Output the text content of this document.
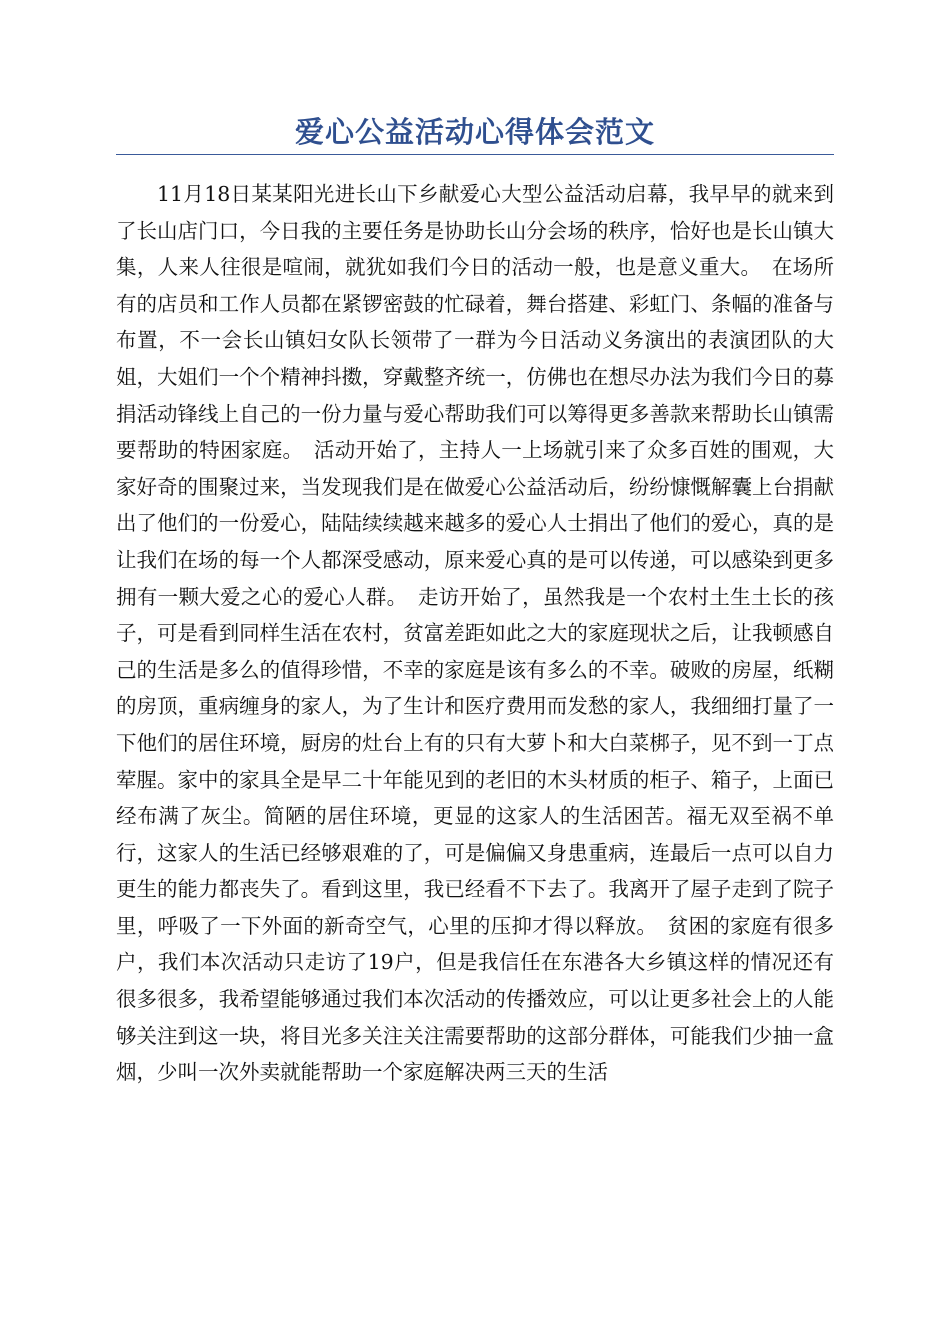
爱心公益活动心得体会范文

11月18日某某阳光进长山下乡献爱心大型公益活动启幕，我早早的就来到了长山店门口，今日我的主要任务是协助长山分会场的秩序，恰好也是长山镇大集，人来人往很是喧闹，就犹如我们今日的活动一般，也是意义重大。　在场所有的店员和工作人员都在紧锣密鼓的忙碌着，舞台搭建、彩虹门、条幅的准备与布置，不一会长山镇妇女队长领带了一群为今日活动义务演出的表演团队的大姐，大姐们一个个精神抖擞，穿戴整齐统一，仿佛也在想尽办法为我们今日的募捐活动锋线上自己的一份力量与爱心帮助我们可以筹得更多善款来帮助长山镇需要帮助的特困家庭。　活动开始了，主持人一上场就引来了众多百姓的围观，大家好奇的围聚过来，当发现我们是在做爱心公益活动后，纷纷慷慨解囊上台捐献出了他们的一份爱心，陆陆续续越来越多的爱心人士捐出了他们的爱心，真的是让我们在场的每一个人都深受感动，原来爱心真的是可以传递，可以感染到更多拥有一颗大爱之心的爱心人群。　走访开始了，虽然我是一个农村土生土长的孩子，可是看到同样生活在农村，贫富差距如此之大的家庭现状之后，让我顿感自己的生活是多么的值得珍惜，不幸的家庭是该有多么的不幸。破败的房屋，纸糊的房顶，重病缠身的家人，为了生计和医疗费用而发愁的家人，我细细打量了一下他们的居住环境，厨房的灶台上有的只有大萝卜和大白菜梆子，见不到一丁点荤腥。家中的家具全是早二十年能见到的老旧的木头材质的柜子、箱子，上面已经布满了灰尘。简陋的居住环境，更显的这家人的生活困苦。福无双至祸不单行，这家人的生活已经够艰难的了，可是偏偏又身患重病，连最后一点可以自力更生的能力都丧失了。看到这里，我已经看不下去了。我离开了屋子走到了院子里，呼吸了一下外面的新奇空气，心里的压抑才得以释放。　贫困的家庭有很多户，我们本次活动只走访了19户，但是我信任在东港各大乡镇这样的情况还有很多很多，我希望能够通过我们本次活动的传播效应，可以让更多社会上的人能够关注到这一块，将目光多关注关注需要帮助的这部分群体，可能我们少抽一盒烟，少叫一次外卖就能帮助一个家庭解决两三天的生活
